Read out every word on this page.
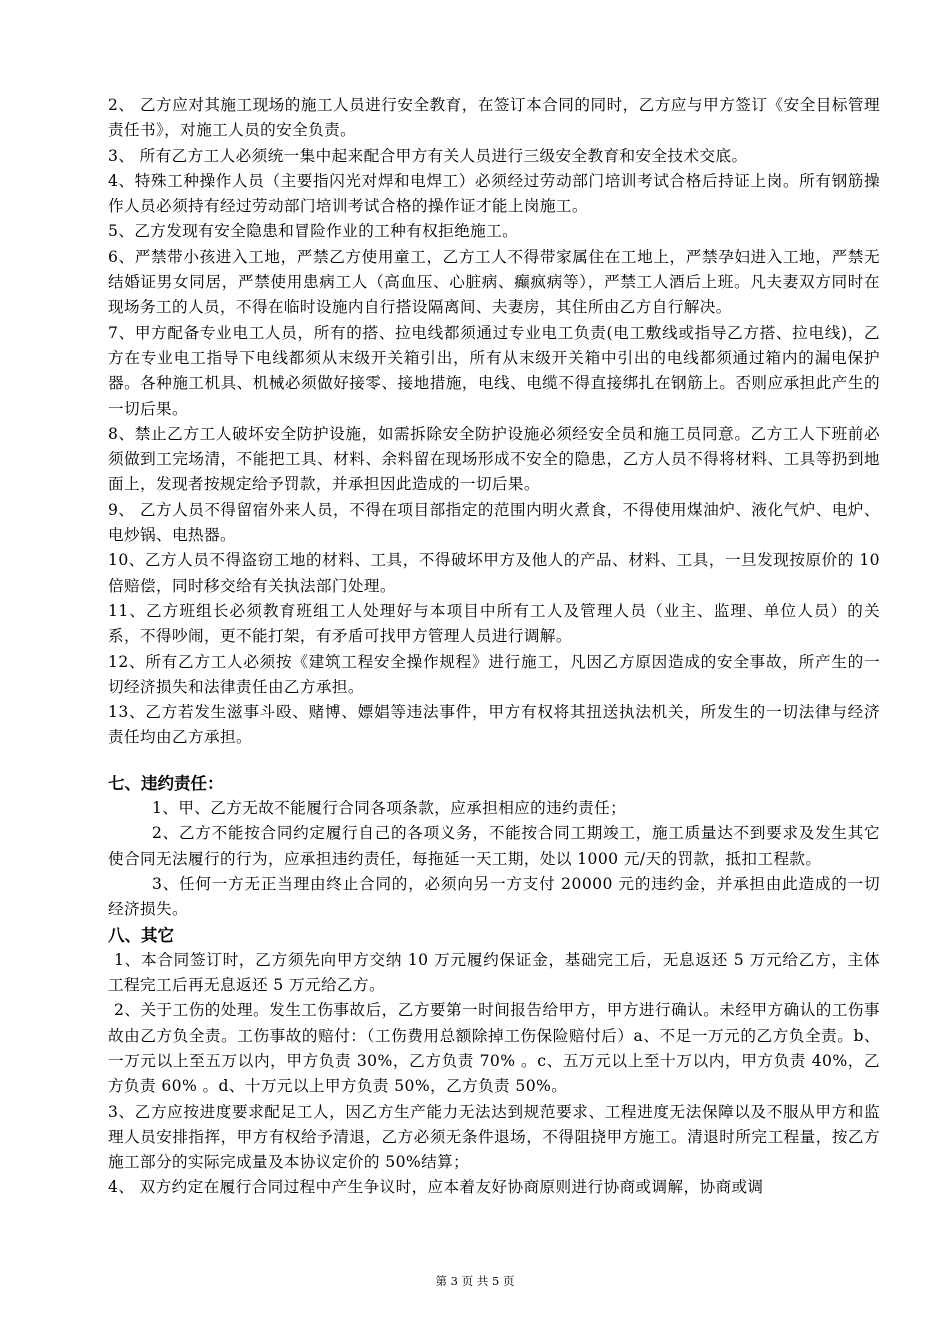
2、 乙方应对其施工现场的施工人员进行安全教育，在签订本合同的同时，乙方应与甲方签订《安全目标管理责任书》，对施工人员的安全负责。

3、 所有乙方工人必须统一集中起来配合甲方有关人员进行三级安全教育和安全技术交底。

4、特殊工种操作人员（主要指闪光对焊和电焊工）必须经过劳动部门培训考试合格后持证上岗。所有钢筋操作人员必须持有经过劳动部门培训考试合格的操作证才能上岗施工。

5、乙方发现有安全隐患和冒险作业的工种有权拒绝施工。

6、严禁带小孩进入工地，严禁乙方使用童工，乙方工人不得带家属住在工地上，严禁孕妇进入工地，严禁无结婚证男女同居，严禁使用患病工人（高血压、心脏病、癫疯病等），严禁工人酒后上班。凡夫妻双方同时在现场务工的人员，不得在临时设施内自行搭设隔离间、夫妻房，其住所由乙方自行解决。

7、甲方配备专业电工人员，所有的搭、拉电线都须通过专业电工负责(电工敷线或指导乙方搭、拉电线)，乙方在专业电工指导下电线都须从末级开关箱引出，所有从末级开关箱中引出的电线都须通过箱内的漏电保护器。各种施工机具、机械必须做好接零、接地措施，电线、电缆不得直接绑扎在钢筋上。否则应承担此产生的一切后果。

8、禁止乙方工人破坏安全防护设施，如需拆除安全防护设施必须经安全员和施工员同意。乙方工人下班前必须做到工完场清，不能把工具、材料、余料留在现场形成不安全的隐患，乙方人员不得将材料、工具等扔到地面上，发现者按规定给予罚款，并承担因此造成的一切后果。

9、 乙方人员不得留宿外来人员，不得在项目部指定的范围内明火煮食，不得使用煤油炉、液化气炉、电炉、电炒锅、电热器。

10、乙方人员不得盗窃工地的材料、工具，不得破坏甲方及他人的产品、材料、工具，一旦发现按原价的 10 倍赔偿，同时移交给有关执法部门处理。

11、乙方班组长必须教育班组工人处理好与本项目中所有工人及管理人员（业主、监理、单位人员）的关系，不得吵闹，更不能打架，有矛盾可找甲方管理人员进行调解。

12、所有乙方工人必须按《建筑工程安全操作规程》进行施工，凡因乙方原因造成的安全事故，所产生的一切经济损失和法律责任由乙方承担。

13、乙方若发生滋事斗殴、赌博、嫖娼等违法事件，甲方有权将其扭送执法机关，所发生的一切法律与经济责任均由乙方承担。

七、违约责任：

1、甲、乙方无故不能履行合同各项条款，应承担相应的违约责任；

2、乙方不能按合同约定履行自己的各项义务，不能按合同工期竣工，施工质量达不到要求及发生其它使合同无法履行的行为，应承担违约责任，每拖延一天工期，处以 1000 元/天的罚款，抵扣工程款。

3、任何一方无正当理由终止合同的，必须向另一方支付 20000 元的违约金，并承担由此造成的一切经济损失。

八、其它

1、本合同签订时，乙方须先向甲方交纳 10 万元履约保证金，基础完工后，无息返还 5 万元给乙方，主体工程完工后再无息返还 5 万元给乙方。

2、关于工伤的处理。发生工伤事故后，乙方要第一时间报告给甲方，甲方进行确认。未经甲方确认的工伤事故由乙方负全责。工伤事故的赔付：（工伤费用总额除掉工伤保险赔付后）a、不足一万元的乙方负全责。b、一万元以上至五万以内，甲方负责 30%，乙方负责 70% 。c、五万元以上至十万以内，甲方负责 40%，乙方负责 60% 。d、十万元以上甲方负责 50%，乙方负责 50%。

3、乙方应按进度要求配足工人，因乙方生产能力无法达到规范要求、工程进度无法保障以及不服从甲方和监理人员安排指挥，甲方有权给予清退，乙方必须无条件退场，不得阻挠甲方施工。清退时所完工程量，按乙方施工部分的实际完成量及本协议定价的 50%结算；

4、 双方约定在履行合同过程中产生争议时，应本着友好协商原则进行协商或调解，协商或调

第 3 页 共 5 页
